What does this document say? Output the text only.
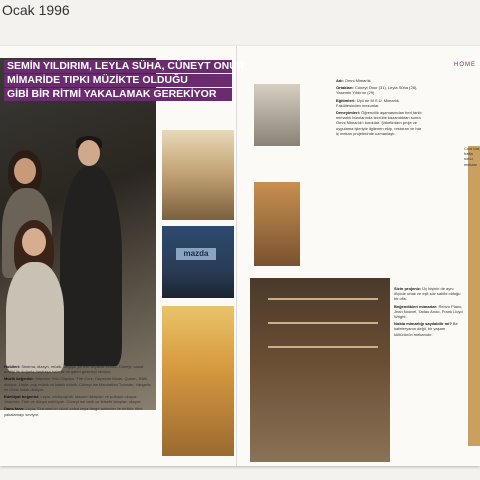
Ocak 1996
SEMİN YILDIRIM, LEYLA SÜHA, CÜNEYT ONUR:
MİMARİDE TIPKI MÜZİKTE OLDUĞU
GİBİ BİR RİTMİ YAKALAMAK GEREKİYOR
mazda

Hobileri: Sinema, dizayn, müzik, değişik yerlere seyahat etmek, Cüneyt, sanat pratiği ile doğada başbaşa kalmak ve galeri gezmeyi seviyor.

Müzik beğenisi: Yasemin: Eric Clapton, The Cure, Depeche Mode, Queen, R&B dinliyor. Leyla: pop müzik ve klasik müzik. Cüneyt ise Manhattan Transfer, Vangelis ve Chris Isaak dinliyor.

Edebiyat beğenisi: Leyla, otobiyografi, tasarım kitapları ve polisiye okuyor. Yasemin: Türk ve dünya edebiyatı. Cüneyt ise tarih ve felsefe kitapları okuyor.

Dans tarzı: Leyla, Erzurum'un vücut salsa veya tango sahneler ile birlikte ritmi yakalamayı seviyor.

HOME

Adı: Omni Mimarlık

Ortakları: Cüneyt Onur (31), Leyla Süha (28), Yasemin Yıldırım (29)

Eğitimleri: Üçü de M.S.Ü. Mimarlık Fakültesinden mezunlar.

Deneyimleri: Öğrencilik aşamasından beri farklı mimarlık bürolarında tecrübe kazandıktan sonra Omni Mimarlık'ı kurdular. Şirketimizin proje ve uygulama işleriyle ilgilenen ekip, restoran ve bar iç mekan projelerinde uzmanlaştı.

Sizin projeniz: Üç kişinin de aynı ölçüde ortak ve eşit söz sahibi olduğu bir ofis.

Beğendikleri mimarlar: Renzo Piano, Jean Nouvel, Tadao Ando, Frank Lloyd Wright.

Nokta mimarlığı sayılabilir mi? Bir kafeteryanın değil, bir yaşam kültürünün mekanıdır.

Cool bar, hafta sonu mekanı
